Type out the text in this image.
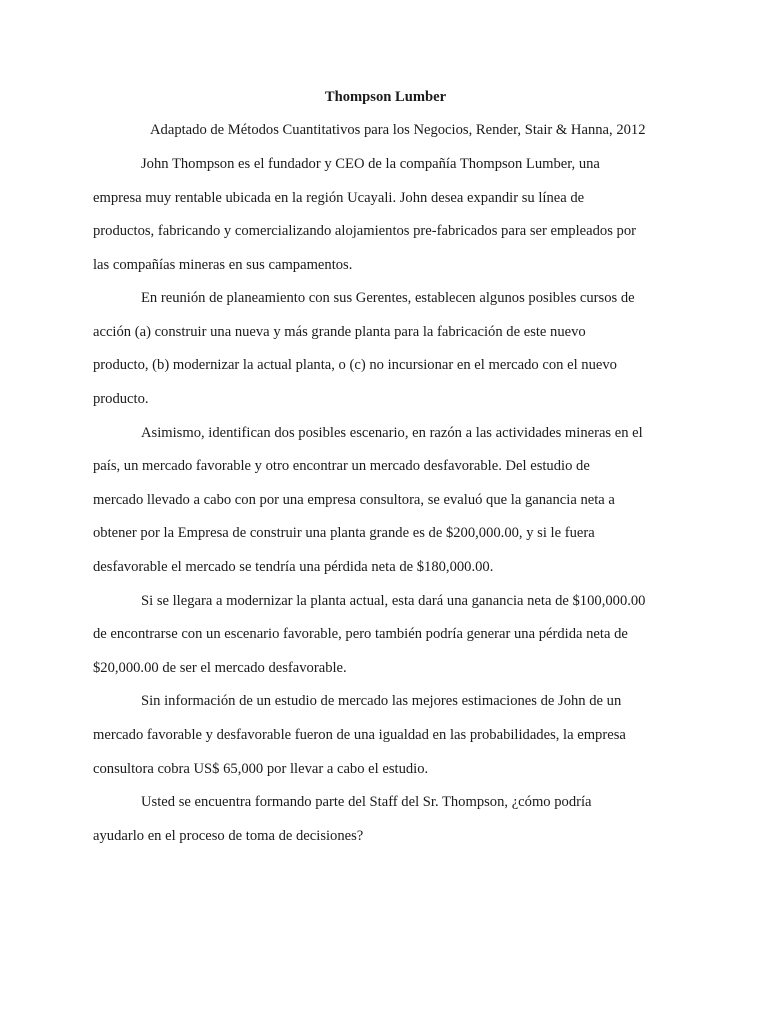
Thompson Lumber
Adaptado de Métodos Cuantitativos para los Negocios, Render, Stair & Hanna, 2012
John Thompson es el fundador y CEO de la compañía Thompson Lumber, una
empresa muy rentable ubicada en la región Ucayali. John desea expandir su línea de
productos, fabricando y comercializando alojamientos pre-fabricados para ser empleados por
las compañías mineras en sus campamentos.
En reunión de planeamiento con sus Gerentes, establecen algunos posibles cursos de
acción (a) construir una nueva y más grande planta para la fabricación de este nuevo
producto, (b) modernizar la actual planta, o (c) no incursionar en el mercado con el nuevo
producto.
Asimismo, identifican dos posibles escenario, en razón a las actividades mineras en el
país, un mercado favorable y otro encontrar un mercado desfavorable. Del estudio de
mercado llevado a cabo con por una empresa consultora, se evaluó que la ganancia neta a
obtener por la Empresa de construir una planta grande es de $200,000.00, y si le fuera
desfavorable el mercado se tendría una pérdida neta de $180,000.00.
Si se llegara a modernizar la planta actual, esta dará una ganancia neta de $100,000.00
de encontrarse con un escenario favorable, pero también podría generar una pérdida neta de
$20,000.00 de ser el mercado desfavorable.
Sin información de un estudio de mercado las mejores estimaciones de John de un
mercado favorable y desfavorable fueron de una igualdad en las probabilidades, la empresa
consultora cobra US$ 65,000 por llevar a cabo el estudio.
Usted se encuentra formando parte del Staff del Sr. Thompson, ¿cómo podría
ayudarlo en el proceso de toma de decisiones?
